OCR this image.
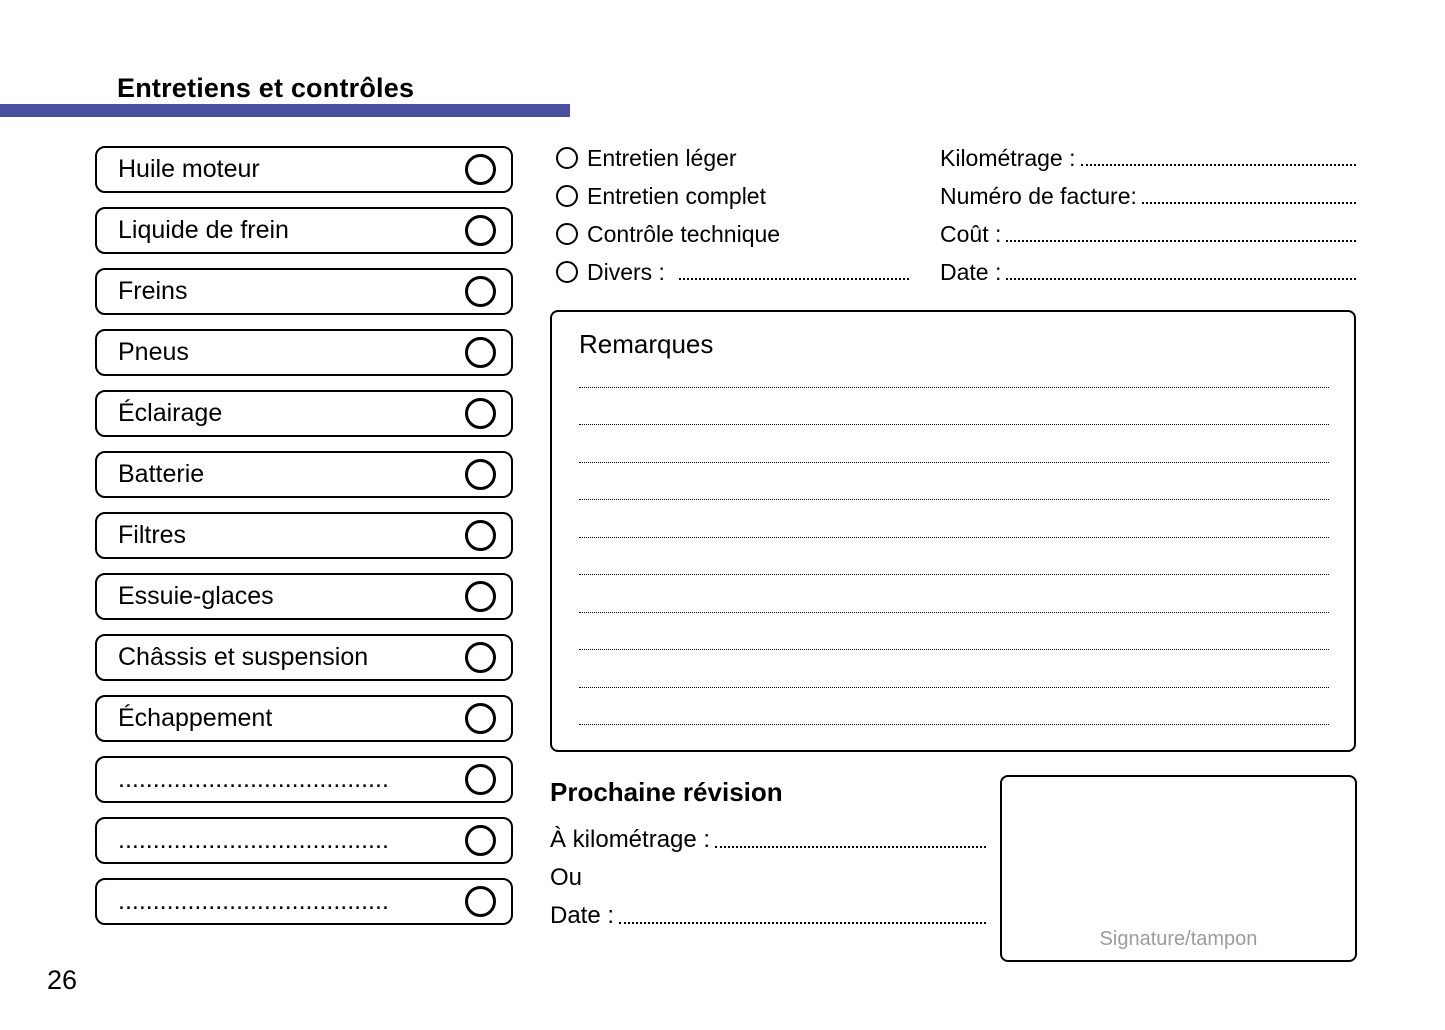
Entretiens et contrôles
Huile moteur
Liquide de frein
Freins
Pneus
Éclairage
Batterie
Filtres
Essuie-glaces
Châssis et suspension
Échappement
.......................................
.......................................
.......................................
Entretien léger
Entretien complet
Contrôle technique
Divers :
Kilométrage :
Numéro de facture:
Coût :
Date :
Remarques
Prochaine révision
À kilométrage :
Ou
Date :
Signature/tampon
26
